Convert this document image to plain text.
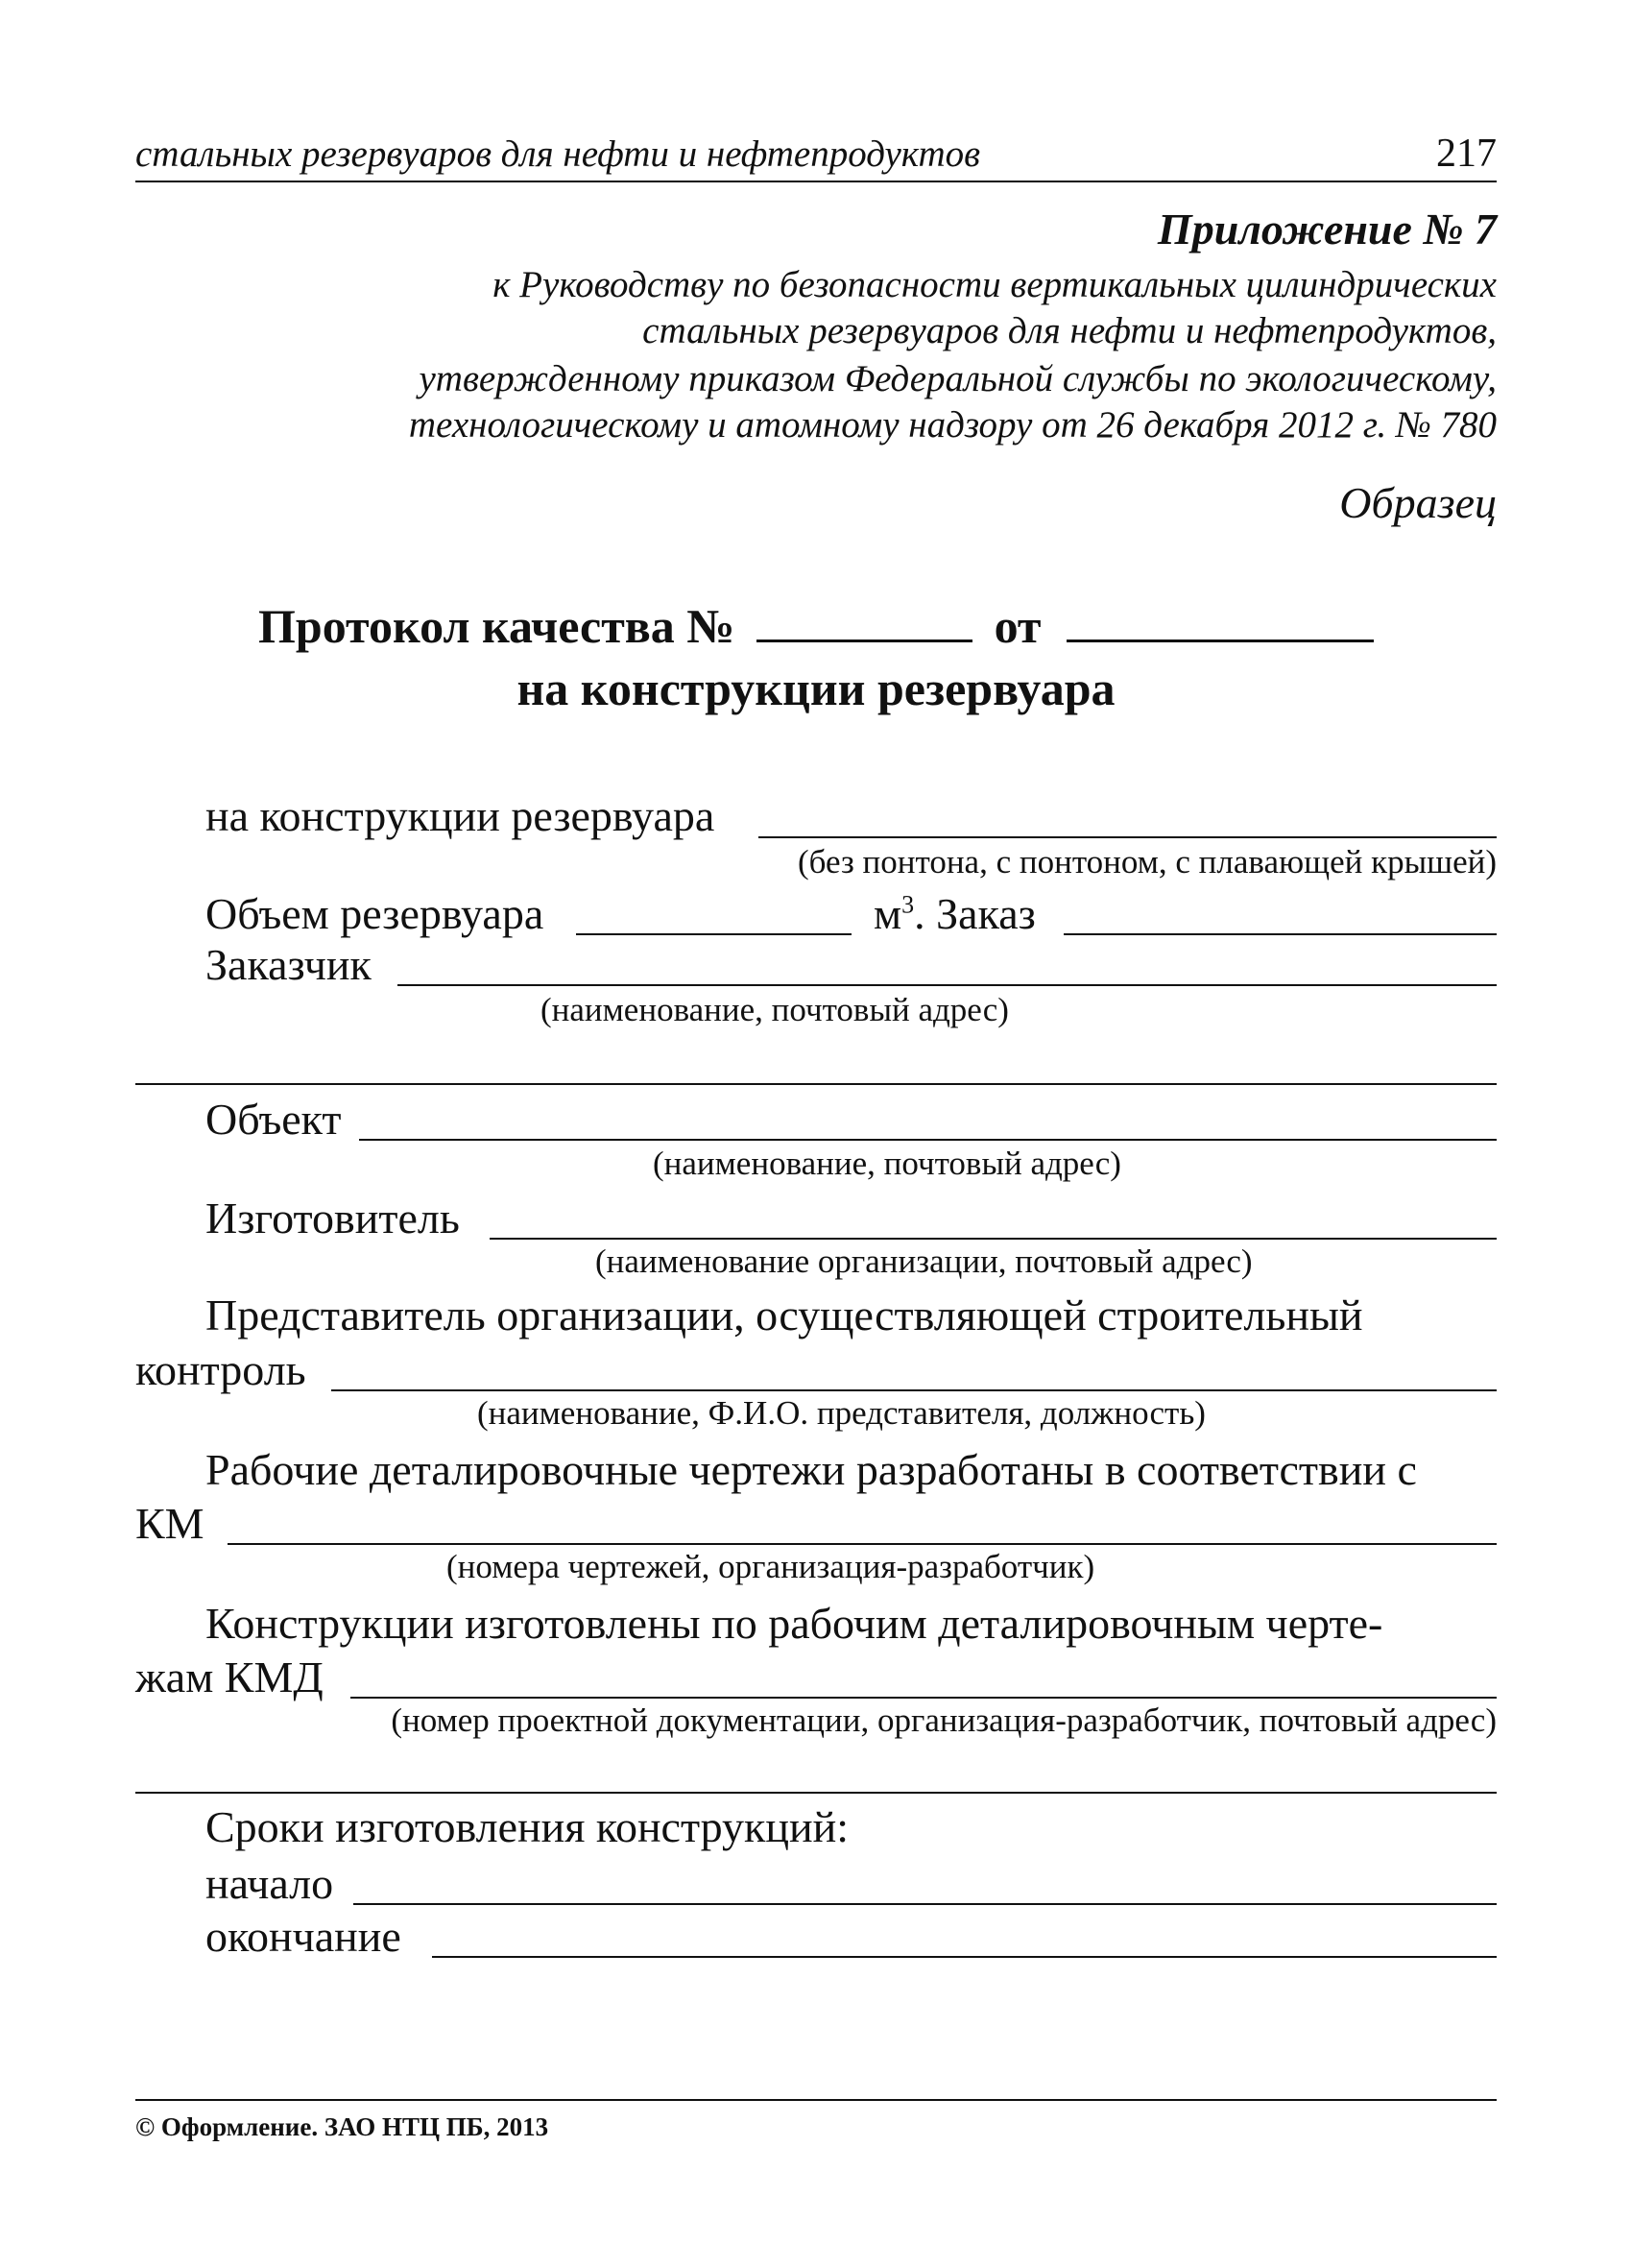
стальных резервуаров для нефти и нефтепродуктов	217
Приложение № 7
к Руководству по безопасности вертикальных цилиндрических
стальных резервуаров для нефти и нефтепродуктов,
утвержденному приказом Федеральной службы по экологическому,
технологическому и атомному надзору от 26 декабря 2012 г. № 780
Образец
Протокол качества №	от
на конструкции резервуара
на конструкции резервуара
(без понтона, с понтоном, с плавающей крышей)
Объем резервуара	$м^3$. Заказ
Заказчик
(наименование, почтовый адрес)
Объект
(наименование, почтовый адрес)
Изготовитель
(наименование организации, почтовый адрес)
Представитель организации, осуществляющей строительный
контроль
(наименование, Ф.И.О. представителя, должность)
Рабочие деталировочные чертежи разработаны в соответствии с
КМ
(номера чертежей, организация-разработчик)
Конструкции изготовлены по рабочим деталировочным черте-
жам КМД
(номер проектной документации, организация-разработчик, почтовый адрес)
Сроки изготовления конструкций:
начало
окончание
© Оформление. ЗАО НТЦ ПБ, 2013
